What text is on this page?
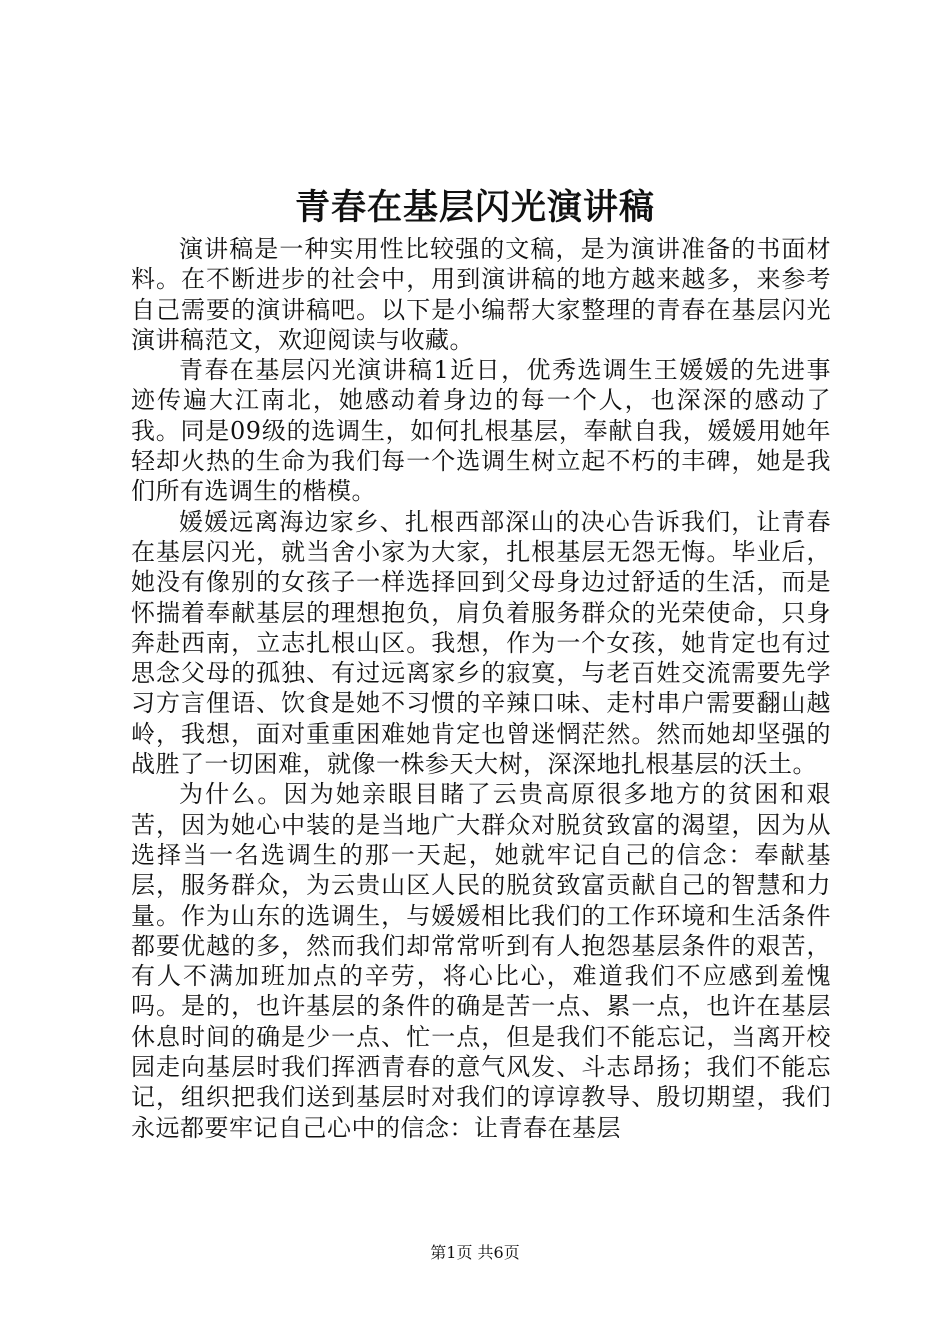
青春在基层闪光演讲稿

演讲稿是一种实用性比较强的文稿，是为演讲准备的书面材料。在不断进步的社会中，用到演讲稿的地方越来越多，来参考自己需要的演讲稿吧。以下是小编帮大家整理的青春在基层闪光演讲稿范文，欢迎阅读与收藏。

青春在基层闪光演讲稿1近日，优秀选调生王媛媛的先进事迹传遍大江南北，她感动着身边的每一个人，也深深的感动了我。同是09级的选调生，如何扎根基层，奉献自我，媛媛用她年轻却火热的生命为我们每一个选调生树立起不朽的丰碑，她是我们所有选调生的楷模。

媛媛远离海边家乡、扎根西部深山的决心告诉我们，让青春在基层闪光，就当舍小家为大家，扎根基层无怨无悔。毕业后，她没有像别的女孩子一样选择回到父母身边过舒适的生活，而是怀揣着奉献基层的理想抱负，肩负着服务群众的光荣使命，只身奔赴西南，立志扎根山区。我想，作为一个女孩，她肯定也有过思念父母的孤独、有过远离家乡的寂寞，与老百姓交流需要先学习方言俚语、饮食是她不习惯的辛辣口味、走村串户需要翻山越岭，我想，面对重重困难她肯定也曾迷惘茫然。然而她却坚强的战胜了一切困难，就像一株参天大树，深深地扎根基层的沃土。

为什么。因为她亲眼目睹了云贵高原很多地方的贫困和艰苦，因为她心中装的是当地广大群众对脱贫致富的渴望，因为从选择当一名选调生的那一天起，她就牢记自己的信念：奉献基层，服务群众，为云贵山区人民的脱贫致富贡献自己的智慧和力量。作为山东的选调生，与媛媛相比我们的工作环境和生活条件都要优越的多，然而我们却常常听到有人抱怨基层条件的艰苦，有人不满加班加点的辛劳，将心比心，难道我们不应感到羞愧吗。是的，也许基层的条件的确是苦一点、累一点，也许在基层休息时间的确是少一点、忙一点，但是我们不能忘记，当离开校园走向基层时我们挥洒青春的意气风发、斗志昂扬；我们不能忘记，组织把我们送到基层时对我们的谆谆教导、殷切期望，我们永远都要牢记自己心中的信念：让青春在基层

第1页 共6页
